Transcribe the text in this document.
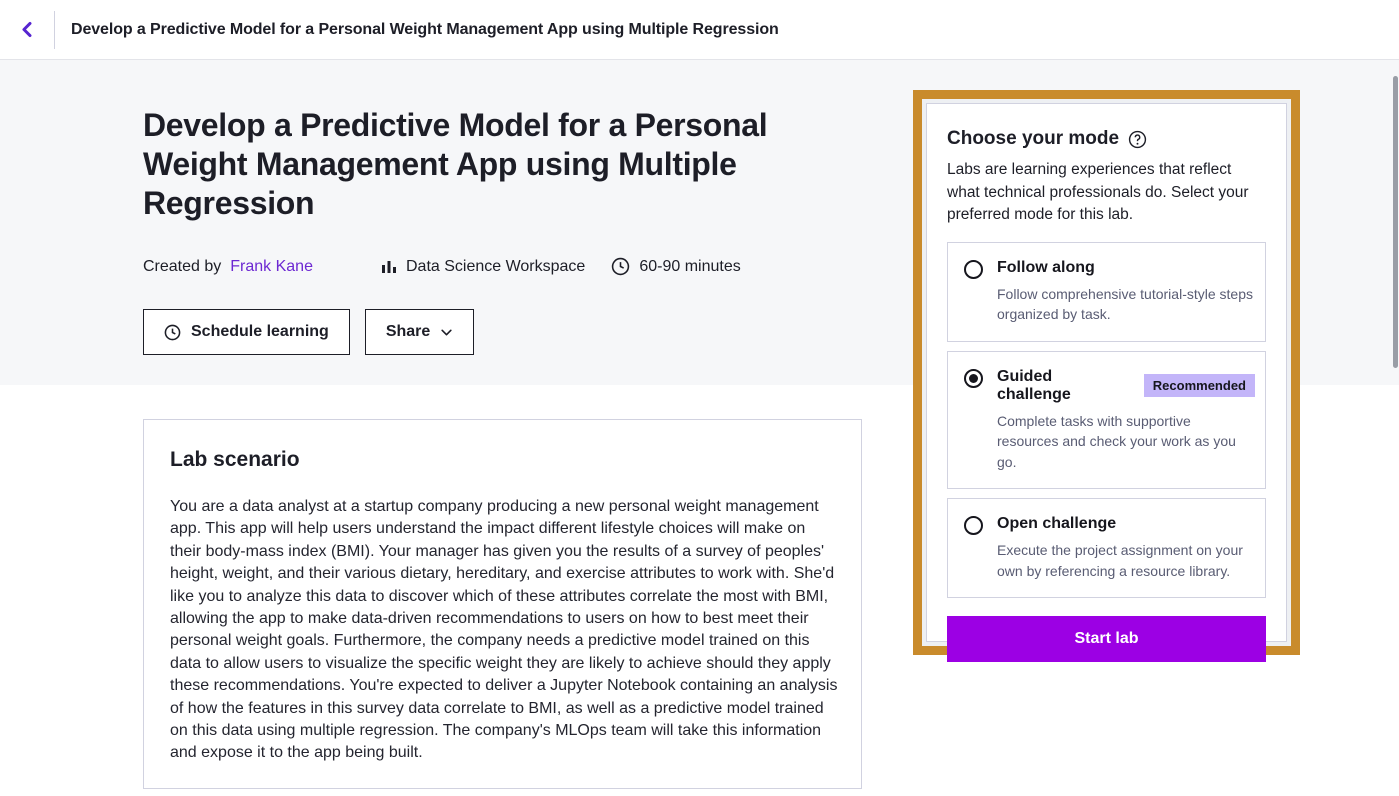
Develop a Predictive Model for a Personal Weight Management App using Multiple Regression
Develop a Predictive Model for a Personal Weight Management App using Multiple Regression
Created by Frank Kane	Data Science Workspace	60-90 minutes
Schedule learning	Share
Lab scenario

You are a data analyst at a startup company producing a new personal weight management app. This app will help users understand the impact different lifestyle choices will make on their body-mass index (BMI). Your manager has given you the results of a survey of peoples' height, weight, and their various dietary, hereditary, and exercise attributes to work with. She'd like you to analyze this data to discover which of these attributes correlate the most with BMI, allowing the app to make data-driven recommendations to users on how to best meet their personal weight goals. Furthermore, the company needs a predictive model trained on this data to allow users to visualize the specific weight they are likely to achieve should they apply these recommendations. You're expected to deliver a Jupyter Notebook containing an analysis of how the features in this survey data correlate to BMI, as well as a predictive model trained on this data using multiple regression. The company's MLOps team will take this information and expose it to the app being built.

Choose your mode

Labs are learning experiences that reflect what technical professionals do. Select your preferred mode for this lab.

Follow along

Follow comprehensive tutorial-style steps organized by task.

Guided challenge	Recommended

Complete tasks with supportive resources and check your work as you go.

Open challenge

Execute the project assignment on your own by referencing a resource library.

Start lab
